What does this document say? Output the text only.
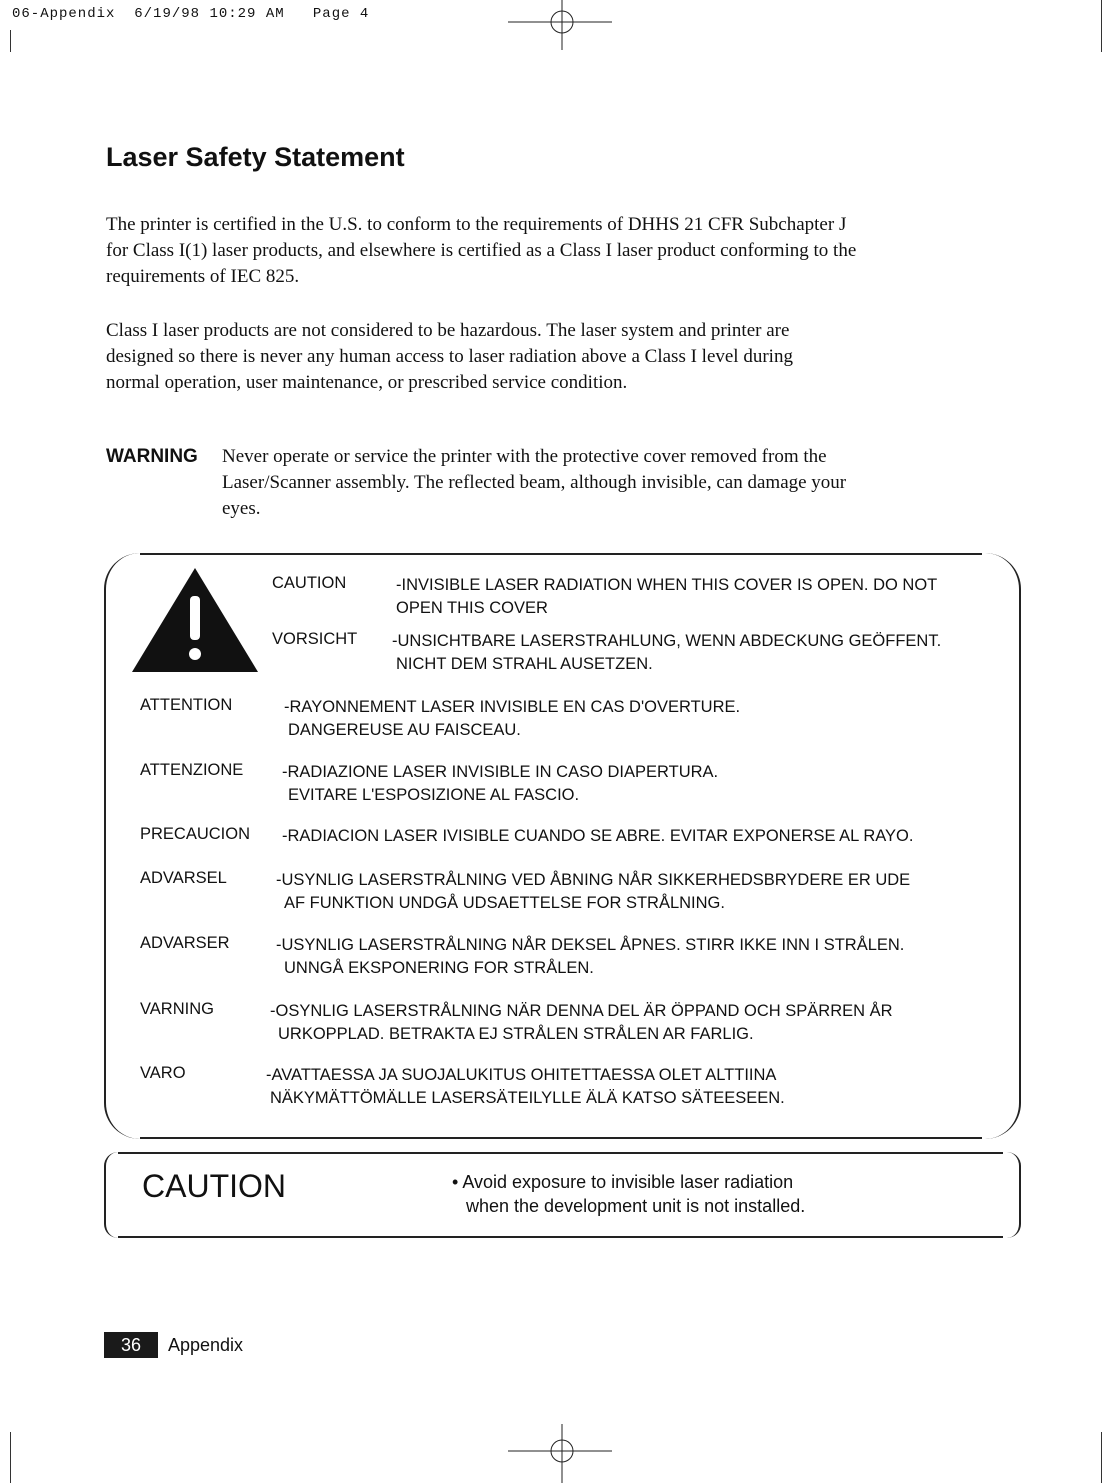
06-Appendix 6/19/98 10:29 AM Page 4
Laser Safety Statement

The printer is certified in the U.S. to conform to the requirements of DHHS 21 CFR Subchapter J
for Class I(1) laser products, and elsewhere is certified as a Class I laser product conforming to the
requirements of IEC 825.

Class I laser products are not considered to be hazardous. The laser system and printer are
designed so there is never any human access to laser radiation above a Class I level during
normal operation, user maintenance, or prescribed service condition.

WARNING Never operate or service the printer with the protective cover removed from the
Laser/Scanner assembly. The reflected beam, although invisible, can damage your
eyes.

CAUTION	-INVISIBLE LASER RADIATION WHEN THIS COVER IS OPEN. DO NOT
OPEN THIS COVER
VORSICHT -UNSICHTBARE LASERSTRAHLUNG, WENN ABDECKUNG GEÖFFENT.
NICHT DEM STRAHL AUSETZEN.
ATTENTION	-RAYONNEMENT LASER INVISIBLE EN CAS D'OVERTURE.
DANGEREUSE AU FAISCEAU.
ATTENZIONE -RADIAZIONE LASER INVISIBLE IN CASO DIAPERTURA.
EVITARE L'ESPOSIZIONE AL FASCIO.
PRECAUCION -RADIACION LASER IVISIBLE CUANDO SE ABRE. EVITAR EXPONERSE AL RAYO.
ADVARSEL	-USYNLIG LASERSTRÅLNING VED ÅBNING NÅR SIKKERHEDSBRYDERE ER UDE
AF FUNKTION UNDGÅ UDSAETTELSE FOR STRÅLNING.
ADVARSER	-USYNLIG LASERSTRÅLNING NÅR DEKSEL ÅPNES. STIRR IKKE INN I STRÅLEN.
UNNGÅ EKSPONERING FOR STRÅLEN.
VARNING	-OSYNLIG LASERSTRÅLNING NÄR DENNA DEL ÄR ÖPPAND OCH SPÄRREN ÅR
URKOPPLAD. BETRAKTA EJ STRÅLEN STRÅLEN AR FARLIG.
VARO	-AVATTAESSA JA SUOJALUKITUS OHITETTAESSA OLET ALTTIINA
NÄKYMÄTTÖMÄLLE LASERSÄTEILYLLE ÄLÄ KATSO SÄTEESEEN.
CAUTION	• Avoid exposure to invisible laser radiation
when the development unit is not installed.
36	Appendix
